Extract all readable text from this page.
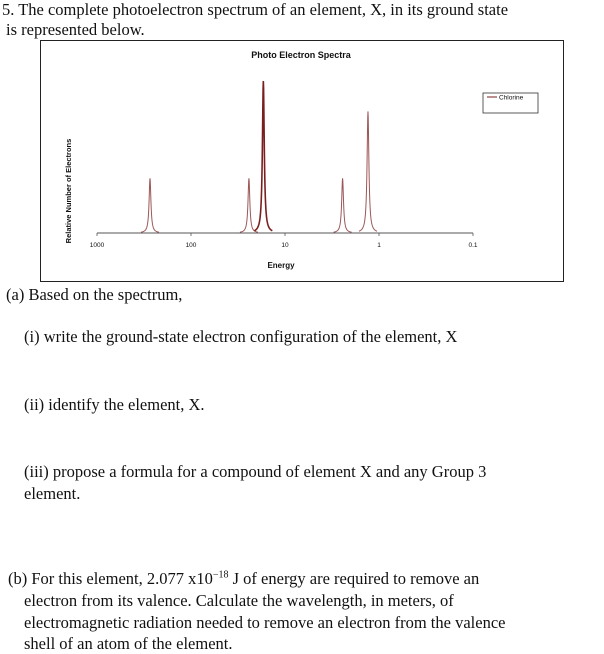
5. The complete photoelectron spectrum of an element, X, in its ground state
is represented below.
Photo Electron Spectra
Relative Number of Electrons
Energy
1000	100	10	1	0.1
Chlorine
(a) Based on the spectrum,
(i) write the ground-state electron configuration of the element, X
(ii) identify the element, X.
(iii) propose a formula for a compound of element X and any Group 3
element.
(b) For this element, 2.077 $x10^{-18}$ J of energy are required to remove an
electron from its valence. Calculate the wavelength, in meters, of
electromagnetic radiation needed to remove an electron from the valence
shell of an atom of the element.
